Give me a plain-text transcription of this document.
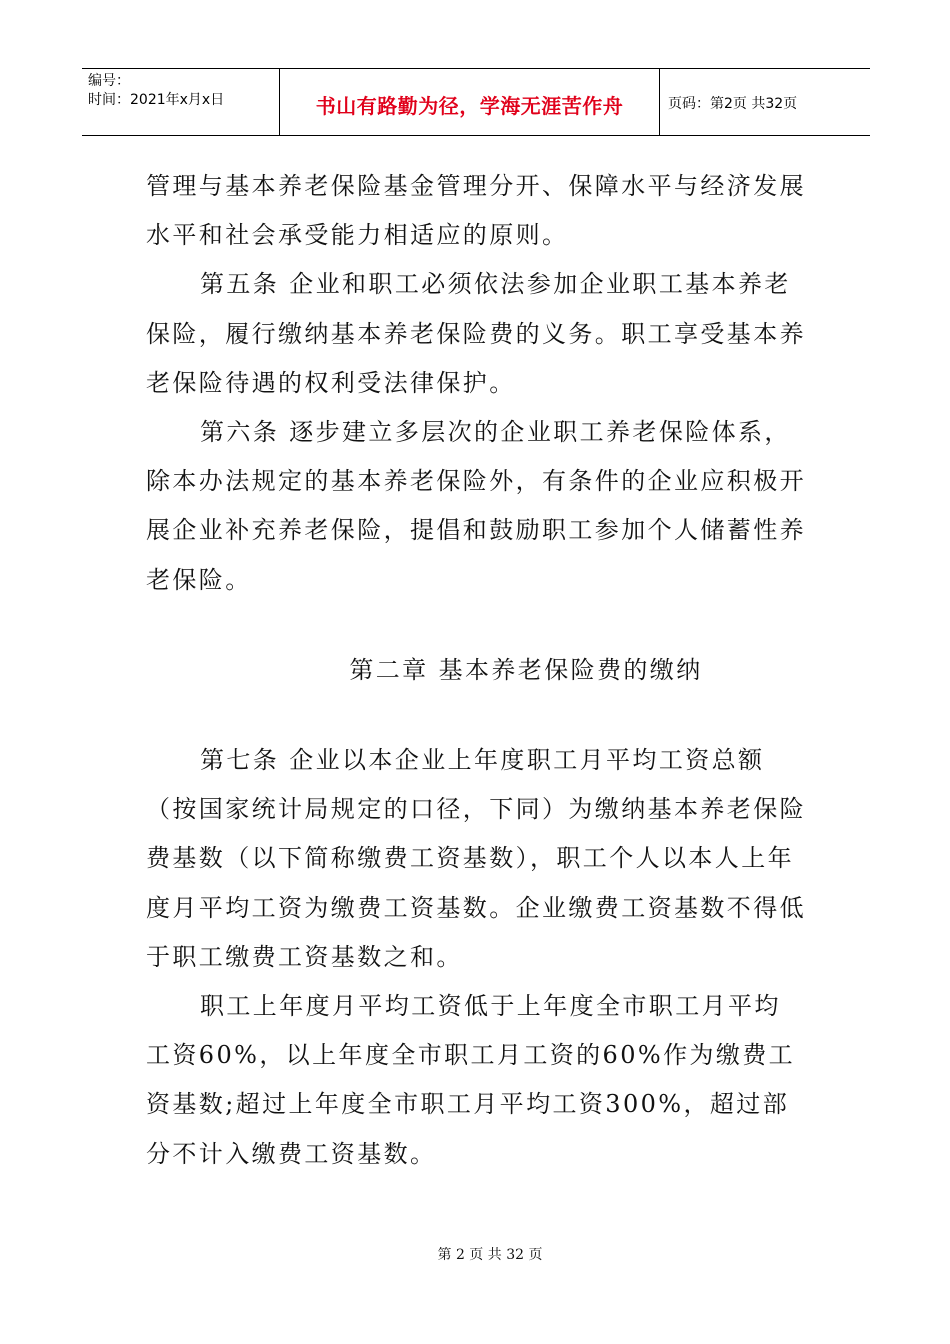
编号：
时间：2021年x月x日	书山有路勤为径，学海无涯苦作舟	页码：第2页 共32页

管理与基本养老保险基金管理分开、保障水平与经济发展水平和社会承受能力相适应的原则。

第五条 企业和职工必须依法参加企业职工基本养老保险，履行缴纳基本养老保险费的义务。职工享受基本养老保险待遇的权利受法律保护。

第六条 逐步建立多层次的企业职工养老保险体系，除本办法规定的基本养老保险外，有条件的企业应积极开展企业补充养老保险，提倡和鼓励职工参加个人储蓄性养老保险。

第二章 基本养老保险费的缴纳

第七条 企业以本企业上年度职工月平均工资总额（按国家统计局规定的口径，下同）为缴纳基本养老保险费基数（以下简称缴费工资基数），职工个人以本人上年度月平均工资为缴费工资基数。企业缴费工资基数不得低于职工缴费工资基数之和。

职工上年度月平均工资低于上年度全市职工月平均工资60%，以上年度全市职工月工资的60%作为缴费工资基数;超过上年度全市职工月平均工资300%，超过部分不计入缴费工资基数。

第 2 页 共 32 页
